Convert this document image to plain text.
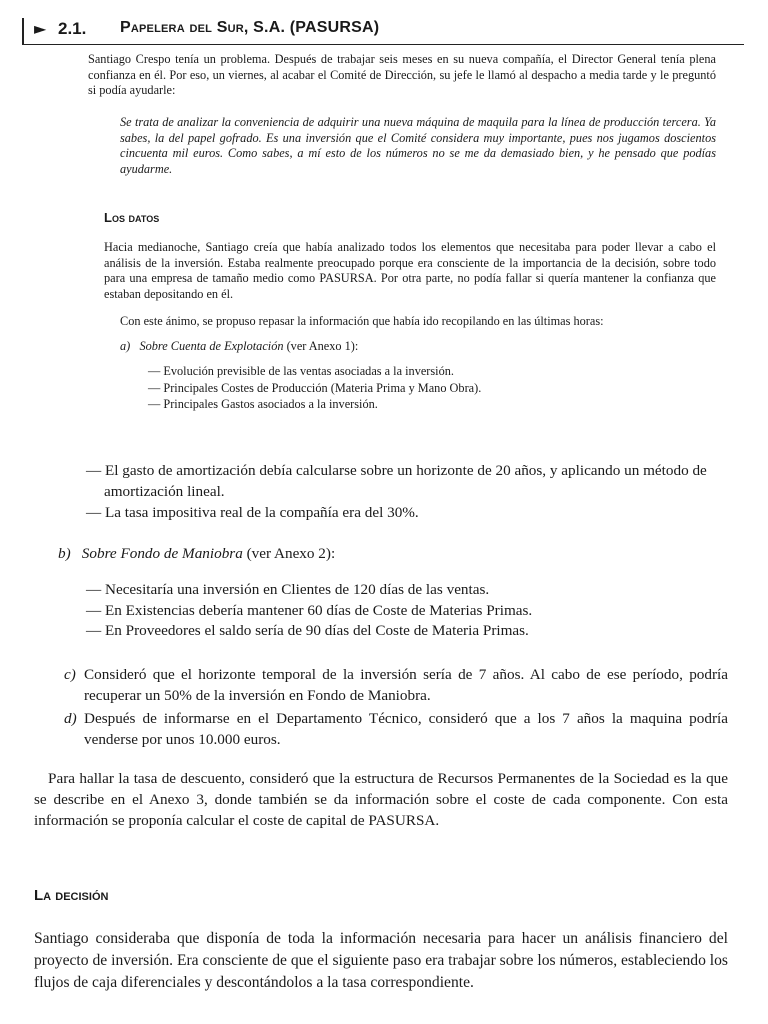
► 2.1. Papelera del Sur, S.A. (PASURSA)

Santiago Crespo tenía un problema. Después de trabajar seis meses en su nueva compañía, el Director General tenía plena confianza en él. Por eso, un viernes, al acabar el Comité de Dirección, su jefe le llamó al despacho a media tarde y le preguntó si podía ayudarle:

Se trata de analizar la conveniencia de adquirir una nueva máquina de maquila para la línea de producción tercera. Ya sabes, la del papel gofrado. Es una inversión que el Comité considera muy importante, pues nos jugamos doscientos cincuenta mil euros. Como sabes, a mí esto de los números no se me da demasiado bien, y he pensado que podías ayudarme.

Los datos

Hacia medianoche, Santiago creía que había analizado todos los elementos que necesitaba para poder llevar a cabo el análisis de la inversión. Estaba realmente preocupado porque era consciente de la importancia de la decisión, sobre todo para una empresa de tamaño medio como PASURSA. Por otra parte, no podía fallar si quería mantener la confianza que estaban depositando en él.

Con este ánimo, se propuso repasar la información que había ido recopilando en las últimas horas:

a) Sobre Cuenta de Explotación (ver Anexo 1):
— Evolución previsible de las ventas asociadas a la inversión.
— Principales Costes de Producción (Materia Prima y Mano Obra).
— Principales Gastos asociados a la inversión.
— El gasto de amortización debía calcularse sobre un horizonte de 20 años, y aplicando un método de amortización lineal.
— La tasa impositiva real de la compañía era del 30%.
b) Sobre Fondo de Maniobra (ver Anexo 2):
— Necesitaría una inversión en Clientes de 120 días de las ventas.
— En Existencias debería mantener 60 días de Coste de Materias Primas.
— En Proveedores el saldo sería de 90 días del Coste de Materia Primas.
c) Consideró que el horizonte temporal de la inversión sería de 7 años. Al cabo de ese período, podría recuperar un 50% de la inversión en Fondo de Maniobra.
d) Después de informarse en el Departamento Técnico, consideró que a los 7 años la maquina podría venderse por unos 10.000 euros.

Para hallar la tasa de descuento, consideró que la estructura de Recursos Permanentes de la Sociedad es la que se describe en el Anexo 3, donde también se da información sobre el coste de cada componente. Con esta información se proponía calcular el coste de capital de PASURSA.

La decisión

Santiago consideraba que disponía de toda la información necesaria para hacer un análisis financiero del proyecto de inversión. Era consciente de que el siguiente paso era trabajar sobre los números, estableciendo los flujos de caja diferenciales y descontándolos a la tasa correspondiente.
